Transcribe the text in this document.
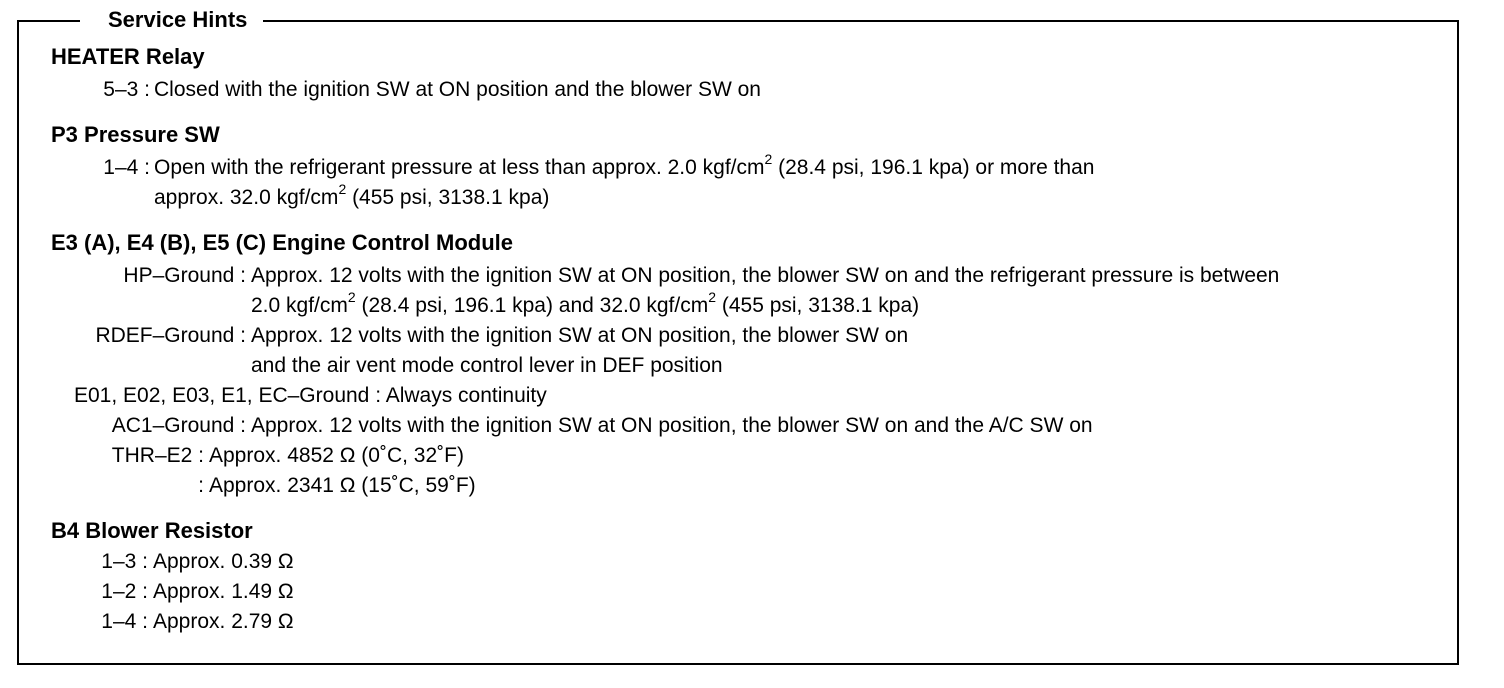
Service Hints
HEATER Relay
5–3 : Closed with the ignition SW at ON position and the blower SW on
P3 Pressure SW
1–4 : Open with the refrigerant pressure at less than approx. 2.0 kgf/$cm^2$ (28.4 psi, 196.1 kpa) or more than
approx. 32.0 kgf/$cm^2$ (455 psi, 3138.1 kpa)
E3 (A), E4 (B), E5 (C) Engine Control Module
HP–Ground : Approx. 12 volts with the ignition SW at ON position, the blower SW on and the refrigerant pressure is between
2.0 kgf/$cm^2$ (28.4 psi, 196.1 kpa) and 32.0 kgf/$cm^2$ (455 psi, 3138.1 kpa)
RDEF–Ground : Approx. 12 volts with the ignition SW at ON position, the blower SW on
and the air vent mode control lever in DEF position
E01, E02, E03, E1, EC–Ground : Always continuity
AC1–Ground : Approx. 12 volts with the ignition SW at ON position, the blower SW on and the A/C SW on
THR–E2 : Approx. 4852 Ω (0˚C, 32˚F)
: Approx. 2341 Ω (15˚C, 59˚F)
B4 Blower Resistor
1–3 : Approx. 0.39 Ω
1–2 : Approx. 1.49 Ω
1–4 : Approx. 2.79 Ω
